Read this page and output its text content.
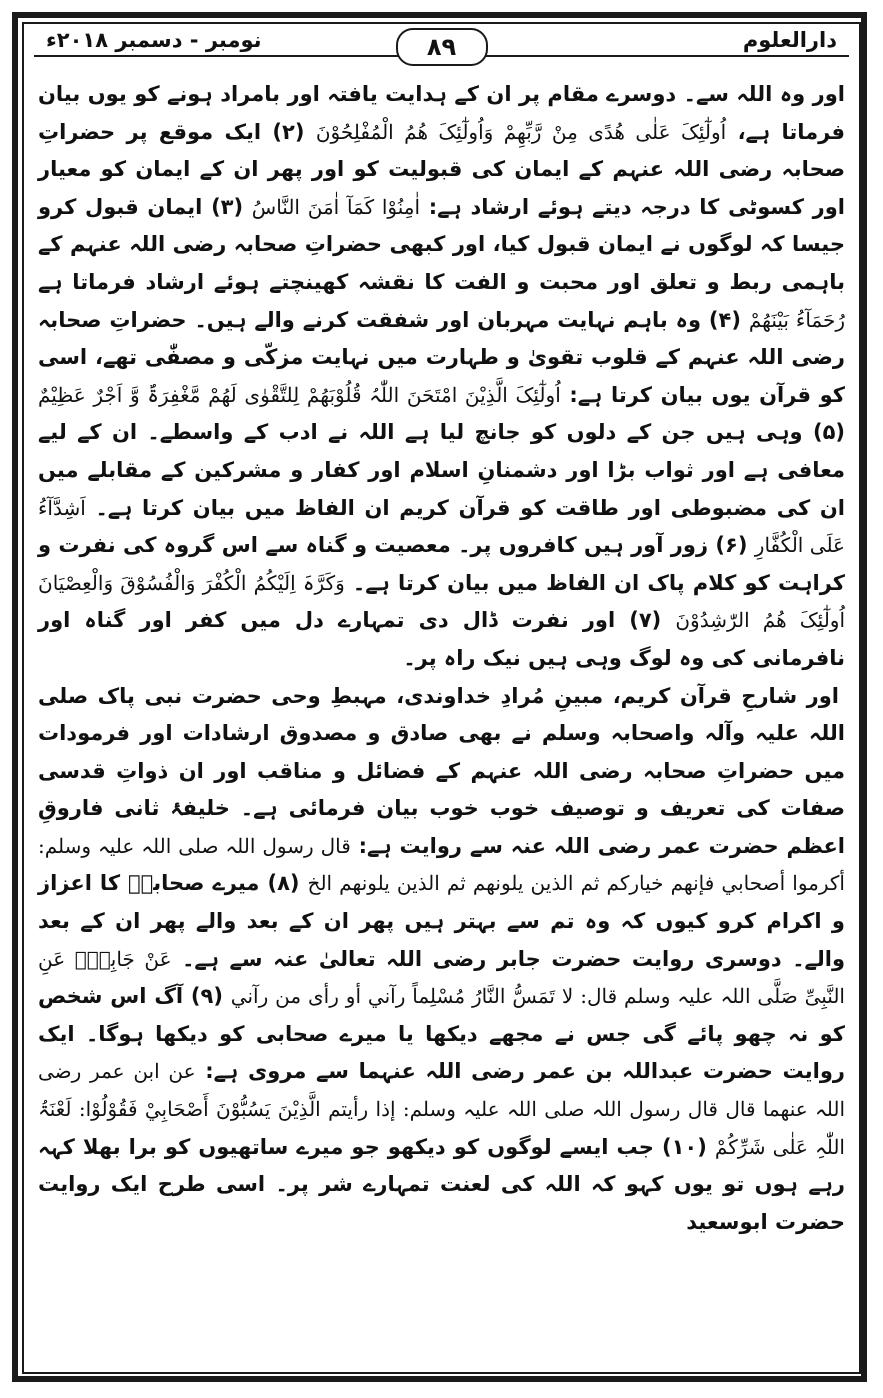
دارالعلوم
۸۹
نومبر - دسمبر ۲۰۱۸ء

اور وہ اللہ سے۔ دوسرے مقام پر ان کے ہدایت یافتہ اور بامراد ہونے کو یوں بیان فرماتا ہے، اُولٰٓئِکَ عَلٰی ھُدًی مِنْ رَّبِّھِمْ وَاُولٰٓئِکَ ھُمُ الْمُفْلِحُوْنَ (۲) ایک موقع پر حضراتِ صحابہ رضی اللہ عنہم کے ایمان کی قبولیت کو اور پھر ان کے ایمان کو معیار اور کسوٹی کا درجہ دیتے ہوئے ارشاد ہے: اٰمِنُوْا کَمَآ اٰمَنَ النَّاسُ (۳) ایمان قبول کرو جیسا کہ لوگوں نے ایمان قبول کیا، اور کبھی حضراتِ صحابہ رضی اللہ عنہم کے باہمی ربط و تعلق اور محبت و الفت کا نقشہ کھینچتے ہوئے ارشاد فرماتا ہے رُحَمَآءُ بَیْنَھُمْ (۴) وہ باہم نہایت مہربان اور شفقت کرنے والے ہیں۔ حضراتِ صحابہ رضی اللہ عنہم کے قلوب تقویٰ و طہارت میں نہایت مزکّی و مصفّٰی تھے، اسی کو قرآن یوں بیان کرتا ہے: اُولٰٓئِکَ الَّذِیْنَ امْتَحَنَ اللّٰہُ قُلُوْبَھُمْ لِلتَّقْوٰی لَھُمْ مَّغْفِرَۃٌ وَّ اَجْرٌ عَظِیْمٌ (۵) وہی ہیں جن کے دلوں کو جانچ لیا ہے اللہ نے ادب کے واسطے۔ ان کے لیے معافی ہے اور ثواب بڑا اور دشمنانِ اسلام اور کفار و مشرکین کے مقابلے میں ان کی مضبوطی اور طاقت کو قرآن کریم ان الفاظ میں بیان کرتا ہے۔ اَشِدَّآءُ عَلَی الْکُفَّارِ (۶) زور آور ہیں کافروں پر۔ معصیت و گناہ سے اس گروہ کی نفرت و کراہت کو کلام پاک ان الفاظ میں بیان کرتا ہے۔ وَکَرَّہَ اِلَیْکُمُ الْکُفْرَ وَالْفُسُوْقَ وَالْعِصْیَانَ اُولٰٓئِکَ ھُمُ الرّٰشِدُوْنَ (۷) اور نفرت ڈال دی تمہارے دل میں کفر اور گناہ اور نافرمانی کی وہ لوگ وہی ہیں نیک راہ پر۔

اور شارحِ قرآن کریم، مبینِ مُرادِ خداوندی، مہبطِ وحی حضرت نبی پاک صلی اللہ علیہ وآلہ واصحابہ وسلم نے بھی صادق و مصدوق ارشادات اور فرمودات میں حضراتِ صحابہ رضی اللہ عنہم کے فضائل و مناقب اور ان ذواتِ قدسی صفات کی تعریف و توصیف خوب خوب بیان فرمائی ہے۔ خلیفۂ ثانی فاروقِ اعظم حضرت عمر رضی اللہ عنہ سے روایت ہے: قال رسول اللہ صلی اللہ علیہ وسلم: أکرموا أصحابي فإنھم خیارکم ثم الذین یلونھم ثم الذین یلونھم الخ (۸) میرے صحابہؓ کا اعزاز و اکرام کرو کیوں کہ وہ تم سے بہتر ہیں پھر ان کے بعد والے پھر ان کے بعد والے۔ دوسری روایت حضرت جابر رضی اللہ تعالیٰ عنہ سے ہے۔ عَنْ جَابِرٍؓ عَنِ النَّبِیِّ صَلَّی اللہ علیہ وسلم قال: لا تَمَسُّ النَّارُ مُسْلِماً رآني أو رأی من رآني (۹) آگ اس شخص کو نہ چھو پائے گی جس نے مجھے دیکھا یا میرے صحابی کو دیکھا ہوگا۔ ایک روایت حضرت عبداللہ بن عمر رضی اللہ عنہما سے مروی ہے: عن ابن عمر رضی اللہ عنھما قال قال رسول اللہ صلی اللہ علیہ وسلم: إذا رأیتم الَّذِیْنَ یَسُبُّوْنَ أَصْحَابِيْ فَقُوْلُوْا: لَعْنَۃُ اللّٰہِ عَلٰی شَرِّکُمْ (۱۰) جب ایسے لوگوں کو دیکھو جو میرے ساتھیوں کو برا بھلا کہہ رہے ہوں تو یوں کہو کہ اللہ کی لعنت تمہارے شر پر۔ اسی طرح ایک روایت حضرت ابوسعید
